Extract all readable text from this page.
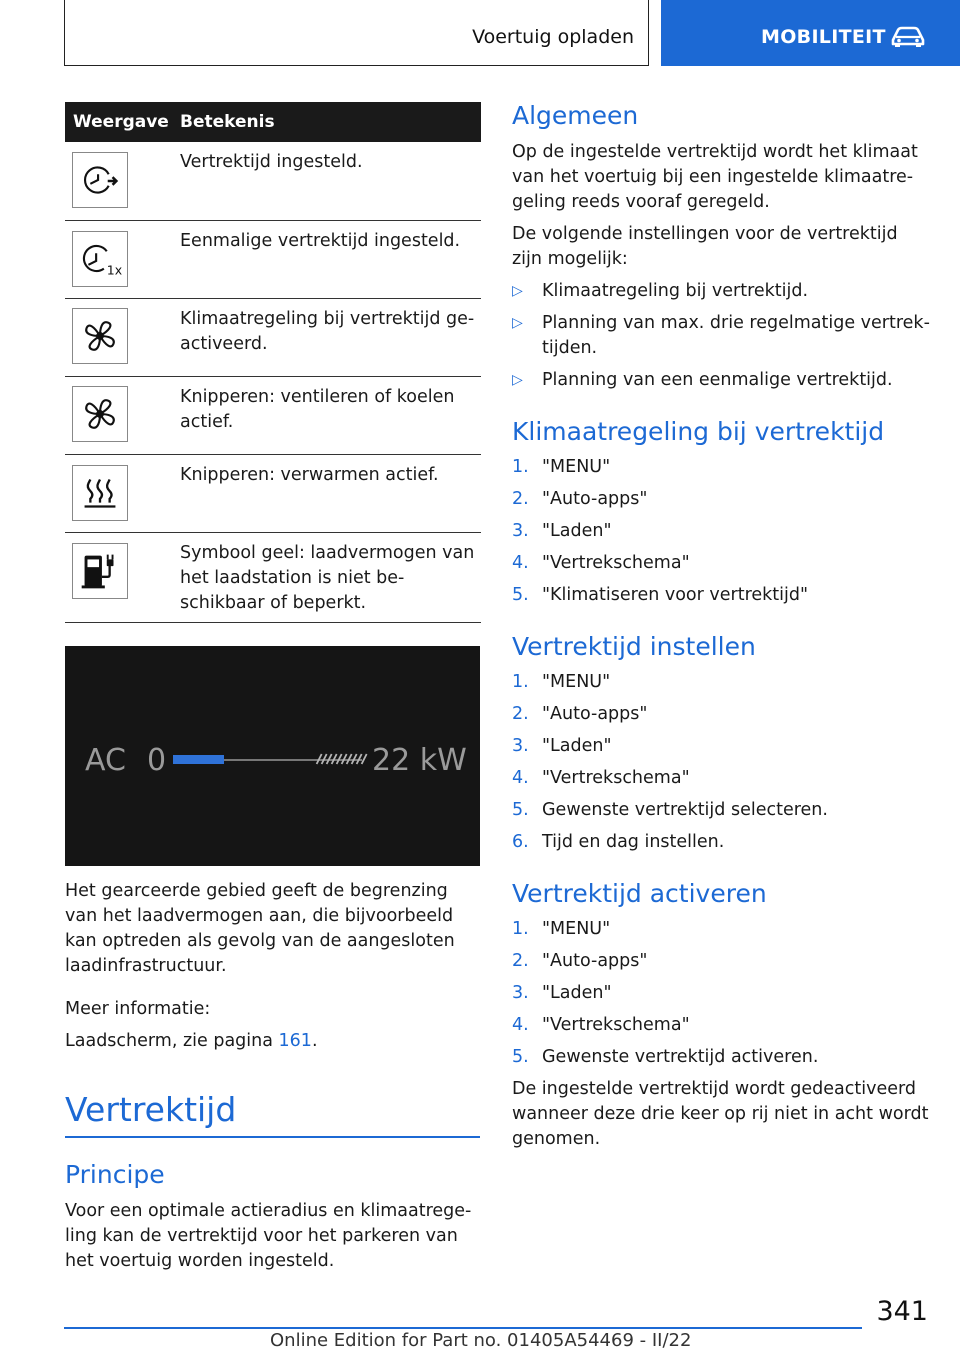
Voertuig opladen	MOBILITEIT
Weergave Betekenis
Vertrektijd ingesteld.
1x
Eenmalige vertrektijd ingesteld.
Klimaatregeling bij vertrektijd ge-activeerd.
Knipperen: ventileren of koelen actief.
Knipperen: verwarmen actief.
Symbool geel: laadvermogen van het laadstation is niet be-schikbaar of beperkt.
AC 0	22 kW
Het gearceerde gebied geeft de begrenzing van het laadvermogen aan, die bijvoorbeeld kan optreden als gevolg van de aangesloten laadinfrastructuur.
Meer informatie:
Laadscherm, zie pagina 161.
Vertrektijd
Principe
Voor een optimale actieradius en klimaatrege-ling kan de vertrektijd voor het parkeren van het voertuig worden ingesteld.
Algemeen
Op de ingestelde vertrektijd wordt het klimaat van het voertuig bij een ingestelde klimaatre-geling reeds vooraf geregeld.
De volgende instellingen voor de vertrektijd zijn mogelijk:
▷ Klimaatregeling bij vertrektijd.
▷ Planning van max. drie regelmatige vertrek-tijden.
▷ Planning van een eenmalige vertrektijd.
Klimaatregeling bij vertrektijd
1. "MENU"
2. "Auto-apps"
3. "Laden"
4. "Vertrekschema"
5. "Klimatiseren voor vertrektijd"
Vertrektijd instellen
1. "MENU"
2. "Auto-apps"
3. "Laden"
4. "Vertrekschema"
5. Gewenste vertrektijd selecteren.
6. Tijd en dag instellen.
Vertrektijd activeren
1. "MENU"
2. "Auto-apps"
3. "Laden"
4. "Vertrekschema"
5. Gewenste vertrektijd activeren.
De ingestelde vertrektijd wordt gedeactiveerd wanneer deze drie keer op rij niet in acht wordt genomen.
341
Online Edition for Part no. 01405A54469 - II/22
